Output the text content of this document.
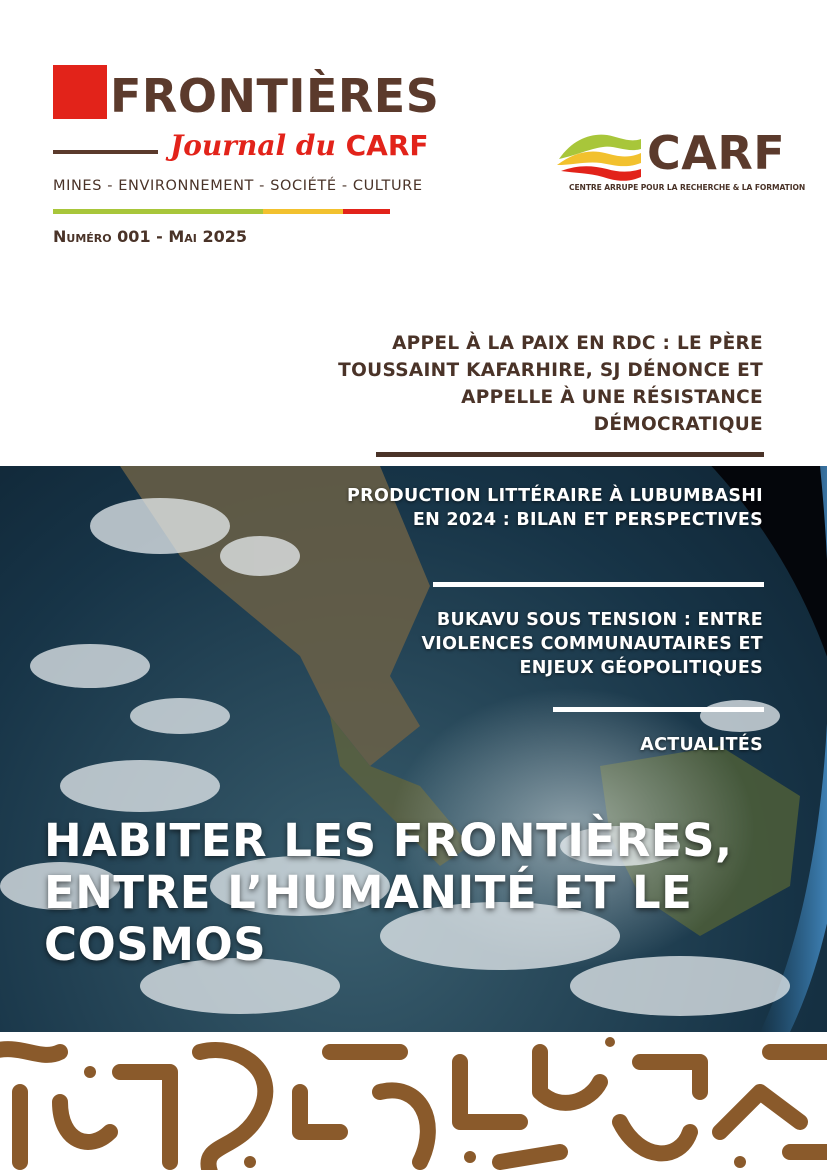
FRONTIÈRES
Journal du CARF
MINES - ENVIRONNEMENT - SOCIÉTÉ - CULTURE
Numéro 001 - Mai 2025
CARF
CENTRE ARRUPE POUR LA RECHERCHE & LA FORMATION
APPEL À LA PAIX EN RDC : LE PÈRE TOUSSAINT KAFARHIRE, SJ DÉNONCE ET APPELLE À UNE RÉSISTANCE DÉMOCRATIQUE
PRODUCTION LITTÉRAIRE À LUBUMBASHI EN 2024 : BILAN ET PERSPECTIVES
BUKAVU SOUS TENSION : ENTRE VIOLENCES COMMUNAUTAIRES ET ENJEUX GÉOPOLITIQUES
ACTUALITÉS
HABITER LES FRONTIÈRES, ENTRE L’HUMANITÉ ET LE COSMOS
